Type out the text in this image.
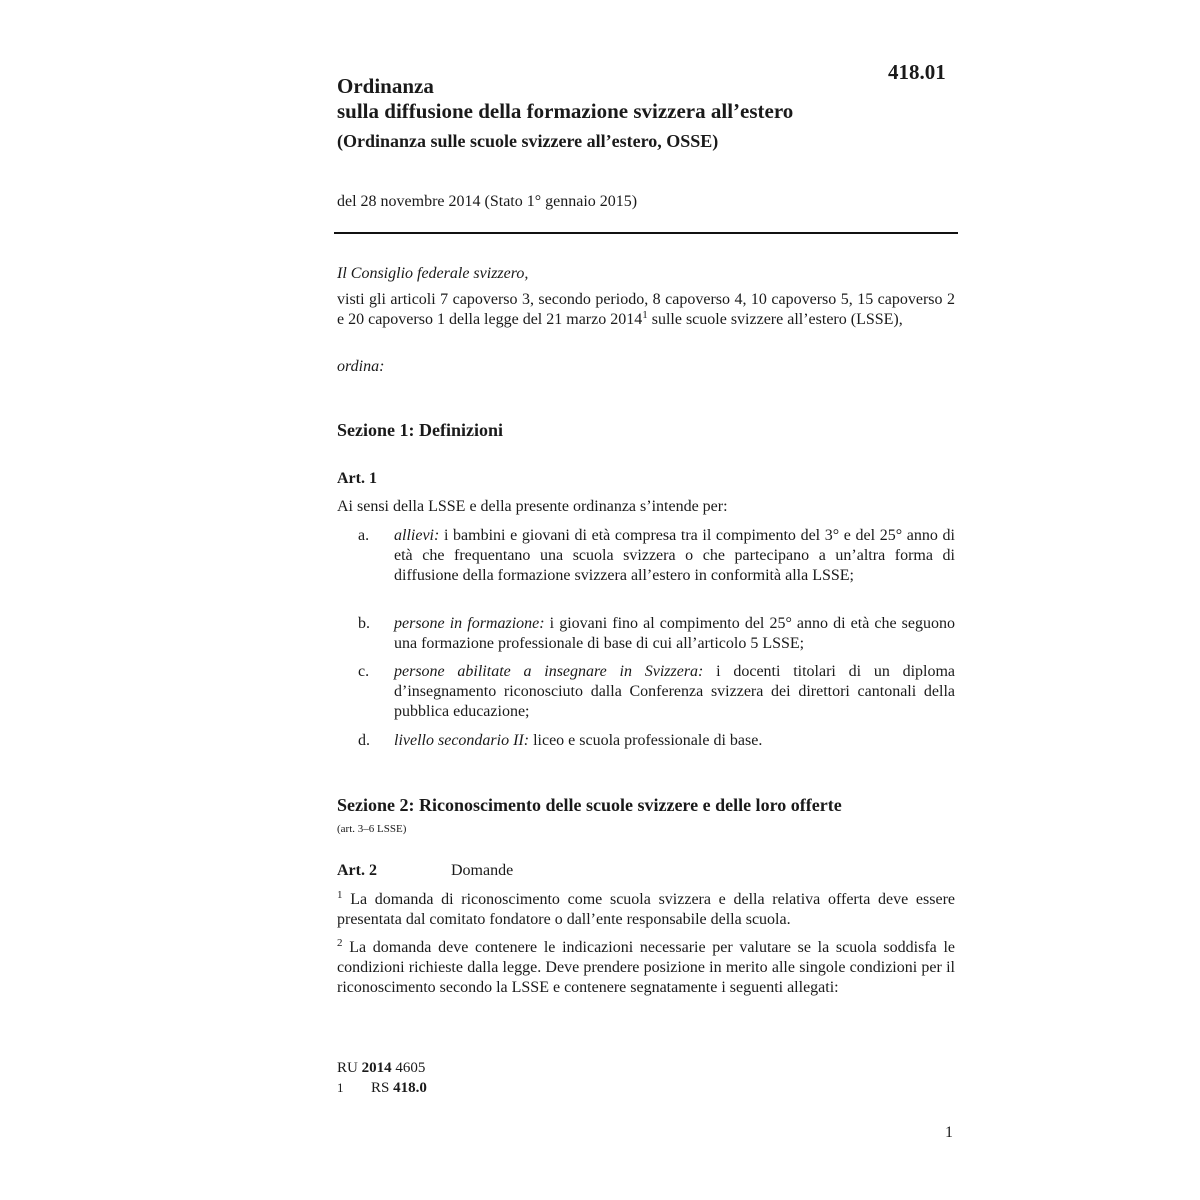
418.01
Ordinanza
sulla diffusione della formazione svizzera all’estero
(Ordinanza sulle scuole svizzere all’estero, OSSE)
del 28 novembre 2014 (Stato 1° gennaio 2015)
Il Consiglio federale svizzero,
visti gli articoli 7 capoverso 3, secondo periodo, 8 capoverso 4, 10 capoverso 5, 15 capoverso 2 e 20 capoverso 1 della legge del 21 marzo 2014$^1$ sulle scuole svizzere all’estero (LSSE),
ordina:
Sezione 1: Definizioni
Art. 1
Ai sensi della LSSE e della presente ordinanza s’intende per:
a. allievi: i bambini e giovani di età compresa tra il compimento del 3° e del 25° anno di età che frequentano una scuola svizzera o che partecipano a un’altra forma di diffusione della formazione svizzera all’estero in conformità alla LSSE;
b. persone in formazione: i giovani fino al compimento del 25° anno di età che seguono una formazione professionale di base di cui all’articolo 5 LSSE;
c. persone abilitate a insegnare in Svizzera: i docenti titolari di un diploma d’insegnamento riconosciuto dalla Conferenza svizzera dei direttori cantonali della pubblica educazione;
d. livello secondario II: liceo e scuola professionale di base.
Sezione 2: Riconoscimento delle scuole svizzere e delle loro offerte
(art. 3–6 LSSE)
Art. 2	Domande
$^1$ La domanda di riconoscimento come scuola svizzera e della relativa offerta deve essere presentata dal comitato fondatore o dall’ente responsabile della scuola.
$^2$ La domanda deve contenere le indicazioni necessarie per valutare se la scuola soddisfa le condizioni richieste dalla legge. Deve prendere posizione in merito alle singole condizioni per il riconoscimento secondo la LSSE e contenere segnatamente i seguenti allegati:
RU 2014 4605
1 RS 418.0
1
